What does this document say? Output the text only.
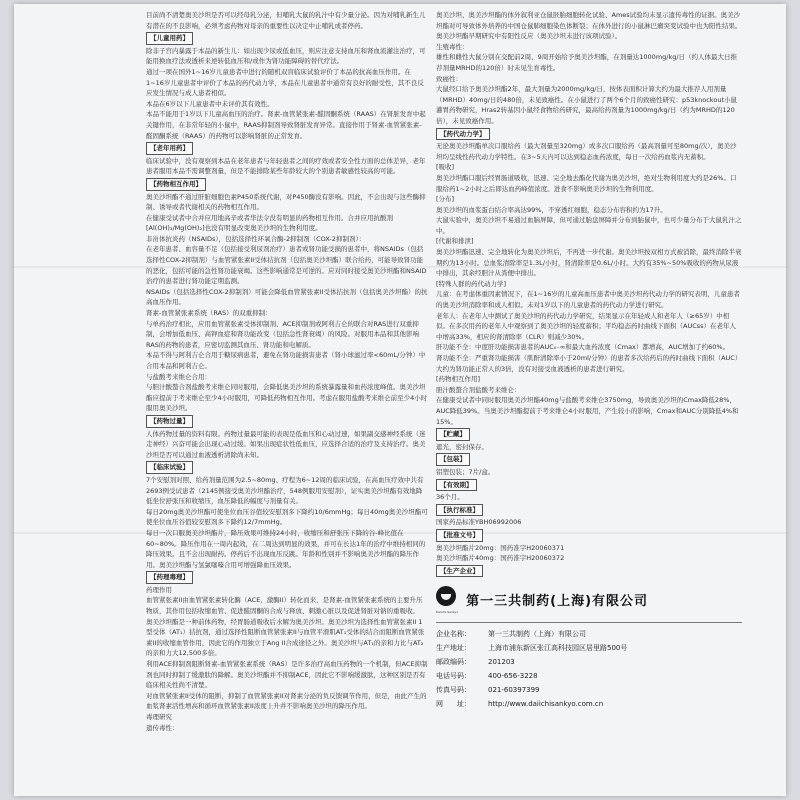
目前尚不清楚奥美沙坦是否可以经母乳分泌，但哺乳大鼠的乳汁中有少量分泌。因为对哺乳新生儿有潜在的不良影响，必须考虑药物对母亲的重要性以决定中止哺乳或者停药。
【儿童用药】
除非子宫内暴露于本品的新生儿：如出现少尿或低血压，则应注意支持血压和肾血流灌注治疗，可能用换血疗法或透析来逆转低血压和/或作为肾功能障碍的替代疗法。
通过一项在国外1~16岁儿童患者中进行的随机双盲临床试验评价了本品的抗高血压作用。在1~16岁儿童患者中评价了本品的药代动力学，本品在儿童患者中通常有良好的耐受性，其不良反应发生情况与成人患者相似。
本品在6岁以下儿童患者中未评价其有效性。
本品不能用于1岁以下儿童高血压的治疗。肾素-血管紧张素-醛固酮系统（RAAS）在肾脏发育中起关键作用，在非常年轻的小鼠中，RAAS抑制剂导致肾脏发育异常。直接作用于肾素-血管紧张素-醛固酮系统（RAAS）的药物可以影响肾脏的正常发育。
【老年用药】
临床试验中，没有观察到本品在老年患者与年轻患者之间的疗效或者安全性方面的总体差异，老年患者服用本品不需调整剂量，但是不能排除某些年龄较大的个别患者敏感性较高的可能。
【药物相互作用】
奥美沙坦酯不通过肝脏细胞色素P450系统代谢，对P450酶没有影响。因此，不会出现与这些酶抑制、诱导或者代谢相关的药物相互作用。
在健康受试者中合并应用地高辛或者华法令没有明显的药物相互作用。合并应用抗酸剂[Al(OH)₃/Mg(OH)₂]也没有明显改变奥美沙坦的生物利用度。
非甾体抗炎药（NSAIDs），包括选择性环氧合酶-2抑制剂（COX-2抑制剂）：
在老年患者、血容量不足（包括接受利尿剂治疗）患者或肾功能受损的患者中，将NSAIDs（包括选择性COX-2抑制剂）与血管紧张素II受体拮抗剂（包括奥美沙坦酯）联合给药，可能导致肾功能的恶化，包括可能的急性肾功能衰竭。这些影响通常是可逆的。应对同时接受奥美沙坦酯和NSAID治疗的患者进行肾功能定期监测。
NSAIDs（包括选择性COX-2抑制剂）可能会降低血管紧张素II受体拮抗剂（包括奥美沙坦酯）的抗高血压作用。
肾素-血管紧张素系统（RAS）的双重抑制：
与单药治疗相比，应用血管紧张素受体抑制剂、ACE抑制剂或阿利吉仑的联合对RAS进行双重抑制，会增加低血压、高钾血症和肾功能改变（包括急性肾衰竭）的风险。对服用本品和其他影响RAS的药物的患者，应密切监测其血压、肾功能和电解质。
本品不得与阿利吉仑合用于糖尿病患者，避免在肾功能损害患者（肾小球滤过率<60mL/分钟）中合用本品和阿利吉仑。
与盐酸考来维仑合用：
与胆汁酸螯合剂盐酸考来维仑同时服用，会降低奥美沙坦的系统暴露量和血药浓度峰值。奥美沙坦酯应提前于考来维仑至少4小时服用，可降低药物相互作用。考虑在服用盐酸考来维仑前至少4小时服用奥美沙坦。
【药物过量】
人体药物过量的资料有限。药物过量最可能的表现是低血压和心动过速，如果副交感神经系统（迷走神经）兴奋可能会出现心动过缓。如果出现症状性低血压，应选择合适的治疗及支持治疗。奥美沙坦是否可以通过血液透析清除尚未知。
【临床试验】
7个安慰剂对照、给药剂量范围为2.5~80mg、疗程为6~12周的临床试验，在高血压疗效中共有2693例受试患者（2145例接受奥美沙坦酯治疗，548例服用安慰剂），证实奥美沙坦酯有效地降低坐位舒张压和收缩压，血压降低的幅度与剂量有关。
每日20mg奥美沙坦酯可使坐位血压谷值较安慰剂多下降约10/6mmHg；每日40mg奥美沙坦酯可使坐位血压谷值较安慰剂多下降约12/7mmHg。
每日一次口服奥美沙坦酯片，降压效果可维持24小时，收缩压和舒张压下降的谷-峰比值在60~80%。降压作用在一周内起效，在二周达到明显的效果，并可在长达1年的治疗中维持相同的降压效果。且不会出现耐药。停药后不出现血压反跳。年龄和性别并不影响奥美沙坦酯的降压作用。奥美沙坦酯与氢氯噻嗪合用可增强降血压效果。
【药理毒理】
药理作用
血管紧张素II由血管紧张素转化酶（ACE，激酶II）转化而来，是肾素-血管紧张素系统的主要升压物质，其作用包括收缩血管、促进醛固酮的合成与释放、刺激心脏以及促进肾脏对钠的重吸收。
奥美沙坦酯是一种前体药物，经胃肠道吸收后水解为奥美沙坦。奥美沙坦为选择性血管紧张素II 1型受体（AT₁）拮抗剂，通过选择性阻断血管紧张素II与血管平滑肌AT₁受体的结合而阻断血管紧张素II的收缩血管作用，因此它的作用独立于Ang II合成途径之外。奥美沙坦与AT₁的亲和力比与AT₂的亲和力大12,500多倍。
利用ACE抑制剂阻断肾素-血管紧张素系统（RAS）是许多治疗高血压药物的一个机制，但ACE抑制剂也同时抑制了缓激肽的降解。奥美沙坦酯并不抑制ACE，因此它不影响缓激肽，这种区别是否有临床相关性尚不清楚。
对血管紧张素II受体的阻断，抑制了血管紧张素II对肾素分泌的负反馈调节作用，但是，由此产生的血浆肾素活性增高和循环血管紧张素II浓度上升并不影响奥美沙坦的降压作用。
毒理研究
遗传毒性：
奥美沙坦、奥美沙坦酯的体外叙利亚仓鼠胚胎细胞转化试验、Ames试验均未显示遗传毒性的证据。奥美沙坦酯对可导致体外培养的中国仓鼠肺细胞染色体断裂；在体外进行的小鼠淋巴瘤突变试验中也为阳性结果。奥美沙坦酯早期研究中有阳性反应（奥美沙坦未进行该项试验）。
生殖毒性：
雄性和雌性大鼠分别在交配前2周、9周开始给予奥美沙坦酯，在剂量达1000mg/kg/日（约人体最大日推荐剂量MRHD的120倍）时未见生育毒性。
致癌性：
大鼠经口给予奥美沙坦酯2年，最大剂量为2000mg/kg/日，按体表面积计算大约为最大推荐人用剂量（MRHD）40mg/日的480倍，未见致癌性。在小鼠进行了两个6个月的致癌性研究：p53knockout小鼠灌胃药物研究，Hras2转基因小鼠经食物给药研究，最高给药剂量为1000mg/kg/日（约为MRHD的120倍），未见致癌作用。
【药代动力学】
无论奥美沙坦酯单次口服给药（最大剂量至320mg）或多次口服给药（最高剂量可至80mg/次），奥美沙坦均呈线性药代动力学特性。在3~5天内可以达到稳态血药浓度，每日一次给药血浆内无蓄积。
[吸收]
奥美沙坦酯口服后经胃肠道吸收，迅速、完全地去酯化代谢为奥美沙坦，绝对生物利用度大约是26%。口服给药1~2小时之后即达血药峰值浓度。进食不影响奥美沙坦的生物利用度。
[分布]
奥美沙坦的血浆蛋白结合率高达99%，不穿透红细胞，稳态分布容积约为17升。
大鼠实验中，奥美沙坦不易通过血脑屏障，但可通过胎盘屏障并分布到胎鼠中，也可少量分布于大鼠乳汁之中。
[代谢和排泄]
奥美沙坦酯迅速、完全地转化为奥美沙坦后，不再进一步代谢。奥美沙坦按双相方式被消除，最终消除半衰期约为13小时。总血浆清除率是1.3L/小时，肾清除率是0.6L/小时。大约有35%~50%吸收的药物从尿液中排出，其余经胆汁从粪便中排出。
[特殊人群的药代动力学]
儿童：在考虑体重因素情况下，在1~16岁的儿童高血压患者中奥美沙坦药代动力学的研究表明，儿童患者的奥美沙坦消除率和成人相似。未对1岁以下的儿童患者的药代动力学进行研究。
老年人：在老年人中测试了奥美沙坦的药代动力学研究，结果显示在年轻成人和老年人（≥65岁）中相似。在多次用药的老年人中观察到了奥美沙坦的轻度蓄积；平均稳态药时曲线下面积（AUCss）在老年人中增高33%，相应的肾清除率（CLR）则减少30%。
肝功能不全：中度肝功能损害患者的AUC₀₋∞和最大血药浓度（Cmax）都增高，AUC增加了约60%。
肾功能不全：严重肾功能损害（肌酐清除率小于20ml/分钟）的患者多次给药后的药时曲线下面积（AUC）大约为肾功能正常人的3倍，没有对接受血液透析的患者进行研究。
[药物相互作用]
胆汁酸螯合剂盐酸考来维仑：
在健康受试者中同时服用奥美沙坦酯40mg与盐酸考来维仑3750mg，导致奥美沙坦的Cmax降低28%，AUC降低39%。当奥美沙坦酯提前于考来维仑4小时服用，产生较小的影响，Cmax和AUC分别降低4%和15%。
【贮藏】
遮光，密封保存。
【包装】
铝塑包装；7片/盒。
【有效期】
36个月。
【执行标准】
国家药品标准YBH06992006
【批准文号】
奥美沙坦酯片20mg：国药准字H20060371
奥美沙坦酯片40mg：国药准字H20060372
【生产企业】
Daiichi-Sankyo
第一三共制药(上海)有限公司
企业名称： 第一三共制药（上海）有限公司
生产地址： 上海市浦东新区张江高科技园区居里路500号
邮政编码： 201203
电话号码： 400-656-3228
传真号码： 021-60397399
网　　址： http://www.daiichisankyo.com.cn
